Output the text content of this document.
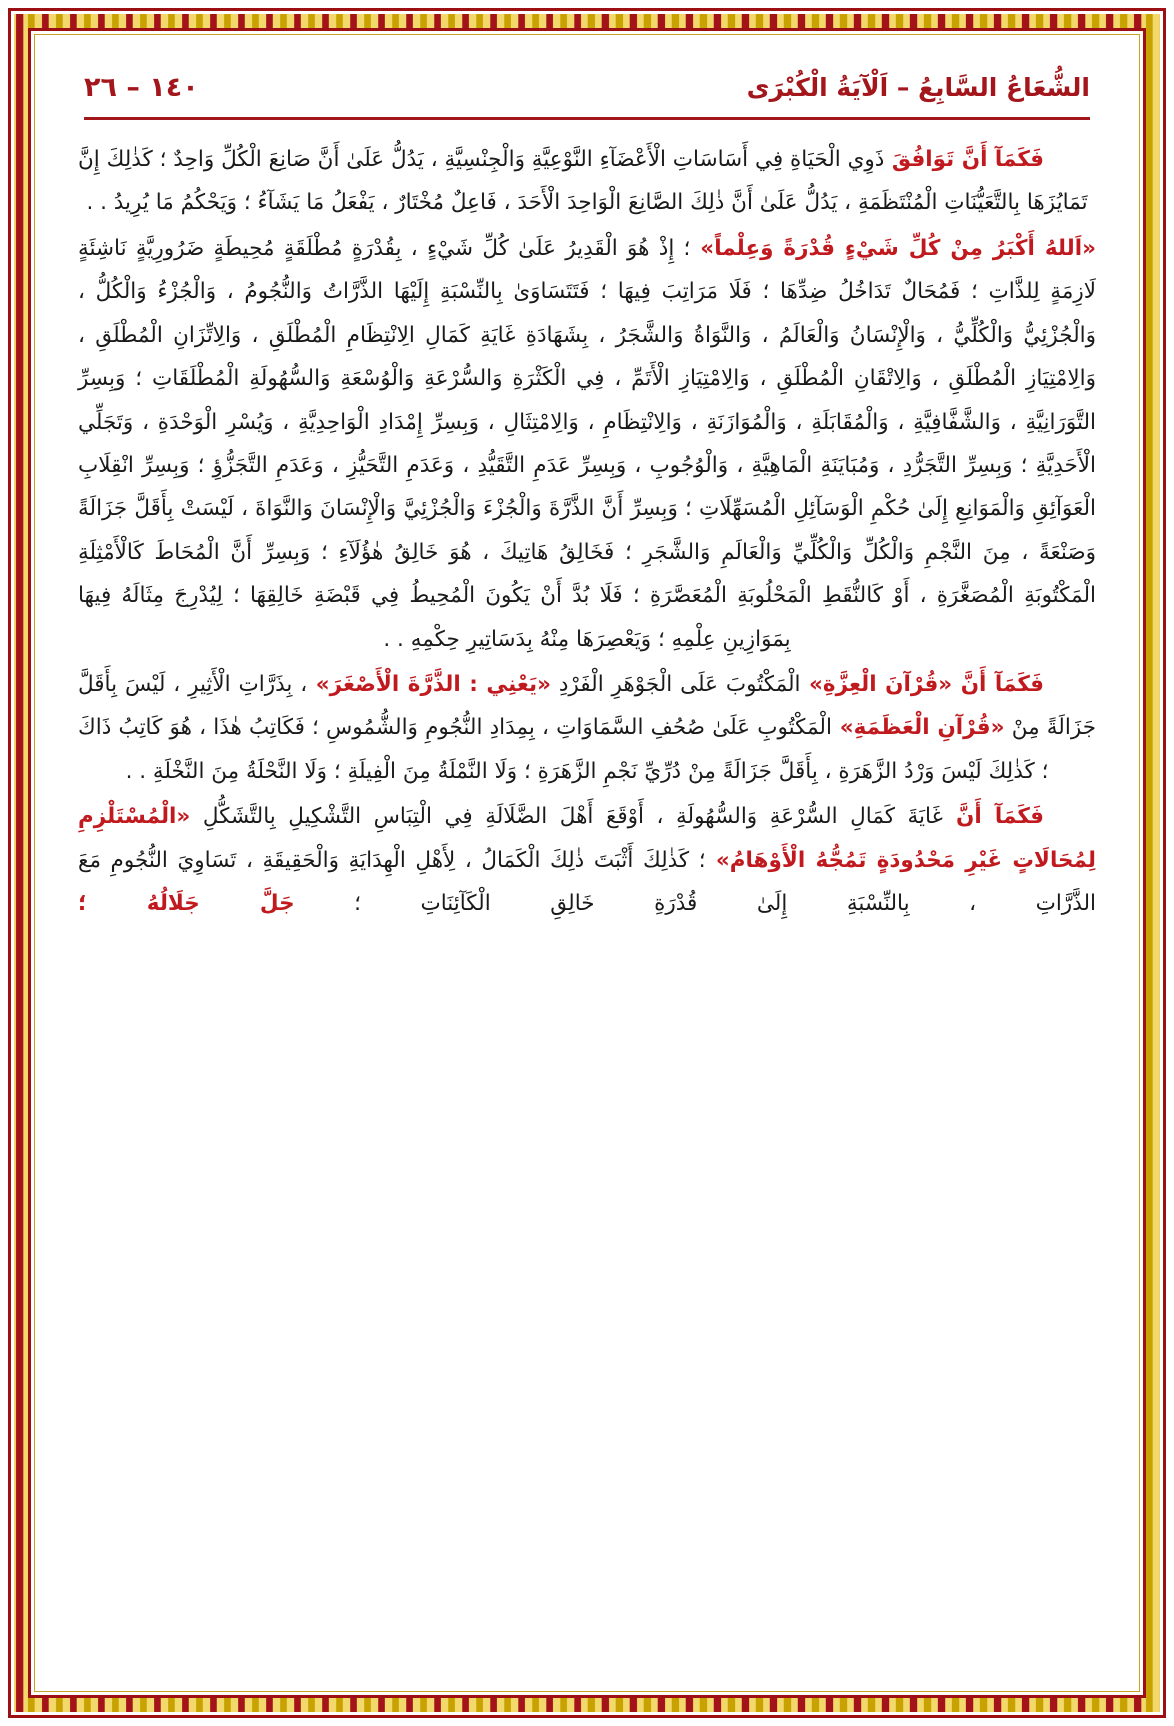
الشُّعَاعُ السَّابِعُ – اَلْآيَةُ الْكُبْرَى
١٤٠ – ٢٦
فَكَمَآ أَنَّ تَوَافُقَ ذَوِي الْحَيَاةِ فِي أَسَاسَاتِ الْأَعْضَآءِ النَّوْعِيَّةِ وَالْجِنْسِيَّةِ ، يَدُلُّ عَلَىٰ أَنَّ صَانِعَ الْكُلِّ وَاحِدٌ ؛ كَذٰلِكَ إِنَّ تَمَايُزَهَا بِالتَّعَيُّنَاتِ الْمُنْتَظَمَةِ ، يَدُلُّ عَلَىٰ أَنَّ ذٰلِكَ الصَّانِعَ الْوَاحِدَ الْأَحَدَ ، فَاعِلٌ مُخْتَارٌ ، يَفْعَلُ مَا يَشَآءُ ؛ وَيَحْكُمُ مَا يُرِيدُ . .
«اَللهُ أَكْبَرُ مِنْ كُلِّ شَيْءٍ قُدْرَةً وَعِلْماً» ؛ إِذْ هُوَ الْقَدِيرُ عَلَىٰ كُلِّ شَيْءٍ ، بِقُدْرَةٍ مُطْلَقَةٍ مُحِيطَةٍ ضَرُورِيَّةٍ نَاشِئَةٍ لَازِمَةٍ لِلذَّاتِ ؛ فَمُحَالٌ تَدَاخُلُ ضِدِّهَا ؛ فَلَا مَرَاتِبَ فِيهَا ؛ فَتَتَسَاوَىٰ بِالنِّسْبَةِ إِلَيْهَا الذَّرَّاتُ وَالنُّجُومُ ، وَالْجُزْءُ وَالْكُلُّ ، وَالْجُزْئِيُّ وَالْكُلِّيُّ ، وَالْإِنْسَانُ وَالْعَالَمُ ، وَالنَّوَاةُ وَالشَّجَرُ ، بِشَهَادَةِ غَايَةِ كَمَالِ الِانْتِظَامِ الْمُطْلَقِ ، وَالِاتِّزَانِ الْمُطْلَقِ ، وَالِامْتِيَازِ الْمُطْلَقِ ، وَالِاتْقَانِ الْمُطْلَقِ ، وَالِامْتِيَازِ الْأَتَمِّ ، فِي الْكَثْرَةِ وَالسُّرْعَةِ وَالْوُسْعَةِ وَالسُّهُولَةِ الْمُطْلَقَاتِ ؛ وَبِسِرِّ التَّوَرَانِيَّةِ ، وَالشَّفَّافِيَّةِ ، وَالْمُقَابَلَةِ ، وَالْمُوَازَنَةِ ، وَالِانْتِظَامِ ، وَالِامْتِثَالِ ، وَبِسِرِّ إِمْدَادِ الْوَاحِدِيَّةِ ، وَيُسْرِ الْوَحْدَةِ ، وَتَجَلِّي الْأَحَدِيَّةِ ؛ وَبِسِرِّ التَّجَرُّدِ ، وَمُبَايَنَةِ الْمَاهِيَّةِ ، وَالْوُجُوبِ ، وَبِسِرِّ عَدَمِ التَّقَيُّدِ ، وَعَدَمِ التَّحَيُّزِ ، وَعَدَمِ التَّجَزُّؤِ ؛ وَبِسِرِّ انْقِلَابِ الْعَوَآئِقِ وَالْمَوَانِعِ إِلَىٰ حُكْمِ الْوَسَآئِلِ الْمُسَهِّلَاتِ ؛ وَبِسِرِّ أَنَّ الذَّرَّةَ وَالْجُزْءَ وَالْجُزْئِيَّ وَالْإِنْسَانَ وَالنَّوَاةَ ، لَيْسَتْ بِأَقَلَّ جَزَالَةً وَصَنْعَةً ، مِنَ النَّجْمِ وَالْكُلِّ وَالْكُلِّيِّ وَالْعَالَمِ وَالشَّجَرِ ؛ فَخَالِقُ هَاتِيكَ ، هُوَ خَالِقُ هٰؤُلَآءِ ؛ وَبِسِرِّ أَنَّ الْمُحَاطَ كَالْأَمْثِلَةِ الْمَكْتُوبَةِ الْمُصَغَّرَةِ ، أَوْ كَالنُّقَطِ الْمَحْلُوبَةِ الْمُعَصَّرَةِ ؛ فَلَا بُدَّ أَنْ يَكُونَ الْمُحِيطُ فِي قَبْضَةِ خَالِقِهَا ؛ لِيُدْرِجَ مِثَالَهُ فِيهَا بِمَوَازِينِ عِلْمِهِ ؛ وَيَعْصِرَهَا مِنْهُ بِدَسَاتِيرِ حِكْمِهِ . .
فَكَمَآ أَنَّ «قُرْآنَ الْعِزَّةِ» الْمَكْتُوبَ عَلَى الْجَوْهَرِ الْفَرْدِ «يَعْنِي : الذَّرَّةَ الْأَصْغَرَ» ، بِذَرَّاتِ الْأَثِيرِ ، لَيْسَ بِأَقَلَّ جَزَالَةً مِنْ «قُرْآنِ الْعَظَمَةِ» الْمَكْتُوبِ عَلَىٰ صُحُفِ السَّمَاوَاتِ ، بِمِدَادِ النُّجُومِ وَالشُّمُوسِ ؛ فَكَاتِبُ هٰذَا ، هُوَ كَاتِبُ ذَاكَ ؛ كَذٰلِكَ لَيْسَ وَرْدُ الزَّهَرَةِ ، بِأَقَلَّ جَزَالَةً مِنْ دُرِّيِّ نَجْمِ الزَّهَرَةِ ؛ وَلَا النَّمْلَةُ مِنَ الْفِيلَةِ ؛ وَلَا النَّحْلَةُ مِنَ النَّخْلَةِ . .
فَكَمَآ أَنَّ غَايَةَ كَمَالِ السُّرْعَةِ وَالسُّهُولَةِ ، أَوْقَعَ أَهْلَ الضَّلَالَةِ فِي الْتِبَاسِ التَّشْكِيلِ بِالتَّشَكُّلِ «الْمُسْتَلْزِمِ لِمُحَالَاتٍ غَيْرِ مَحْدُودَةٍ تَمُجُّهُ الْأَوْهَامُ» ؛ كَذٰلِكَ أَثْبَتَ ذٰلِكَ الْكَمَالُ ، لِأَهْلِ الْهِدَايَةِ وَالْحَقِيقَةِ ، تَسَاوِيَ النُّجُومِ مَعَ الذَّرَّاتِ ، بِالنِّسْبَةِ إِلَىٰ قُدْرَةِ خَالِقِ الْكَآئِنَاتِ ؛ جَلَّ جَلَالُهُ ؛
